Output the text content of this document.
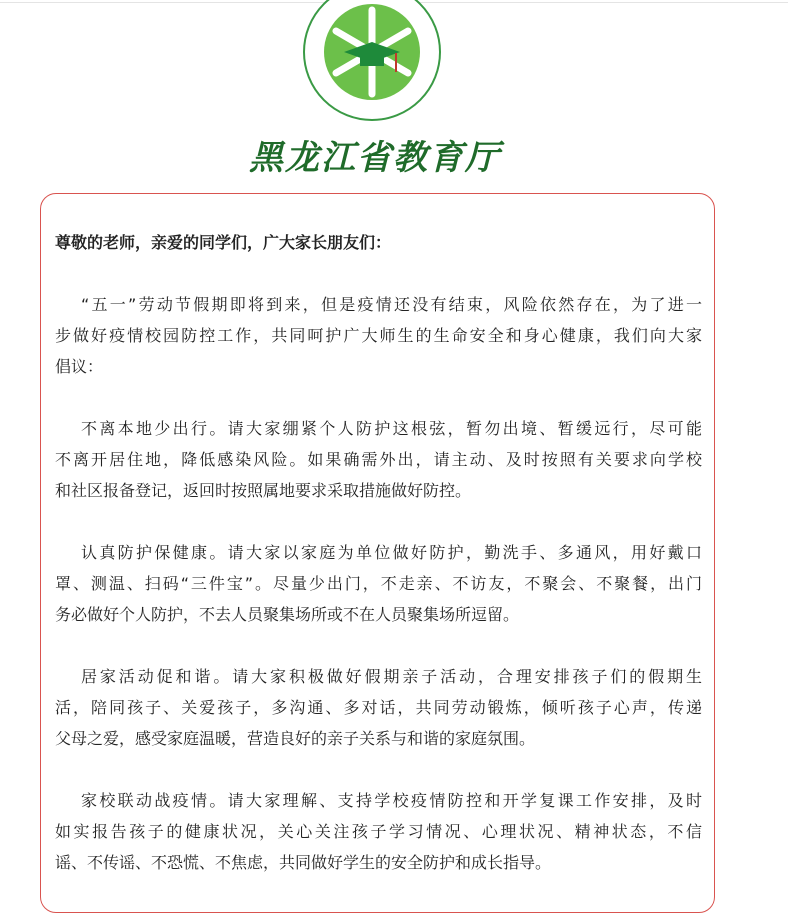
黑龙江省教育厅
尊敬的老师，亲爱的同学们，广大家长朋友们：
“五一”劳动节假期即将到来，但是疫情还没有结束，风险依然存在，为了进一
步做好疫情校园防控工作，共同呵护广大师生的生命安全和身心健康，我们向大家
倡议：
不离本地少出行。请大家绷紧个人防护这根弦，暂勿出境、暂缓远行，尽可能
不离开居住地，降低感染风险。如果确需外出，请主动、及时按照有关要求向学校
和社区报备登记，返回时按照属地要求采取措施做好防控。
认真防护保健康。请大家以家庭为单位做好防护，勤洗手、多通风，用好戴口
罩、测温、扫码“三件宝”。尽量少出门，不走亲、不访友，不聚会、不聚餐，出门
务必做好个人防护，不去人员聚集场所或不在人员聚集场所逗留。
居家活动促和谐。请大家积极做好假期亲子活动，合理安排孩子们的假期生
活，陪同孩子、关爱孩子，多沟通、多对话，共同劳动锻炼，倾听孩子心声，传递
父母之爱，感受家庭温暖，营造良好的亲子关系与和谐的家庭氛围。
家校联动战疫情。请大家理解、支持学校疫情防控和开学复课工作安排，及时
如实报告孩子的健康状况，关心关注孩子学习情况、心理状况、精神状态，不信
谣、不传谣、不恐慌、不焦虑，共同做好学生的安全防护和成长指导。
